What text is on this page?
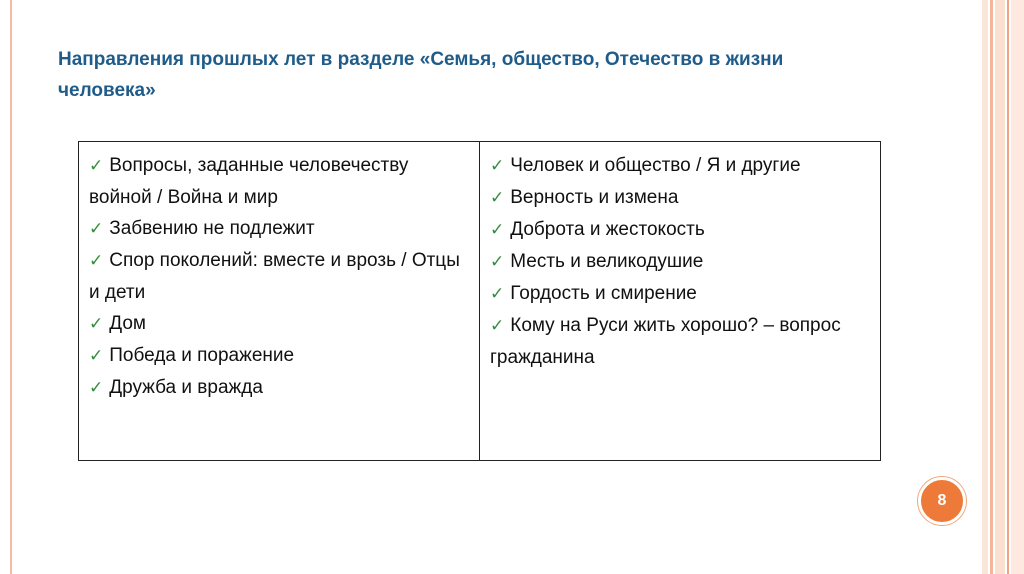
Направления прошлых лет в разделе «Семья, общество, Отечество в жизни человека»

✓ Вопросы, заданные человечеству войной / Война и мир

✓ Забвению не подлежит

✓ Спор поколений: вместе и врозь / Отцы и дети

✓ Дом

✓ Победа и поражение

✓ Дружба и вражда

✓ Человек и общество / Я и другие

✓ Верность и измена

✓ Доброта и жестокость

✓ Месть и великодушие

✓ Гордость и смирение

✓ Кому на Руси жить хорошо? – вопрос гражданина

8
